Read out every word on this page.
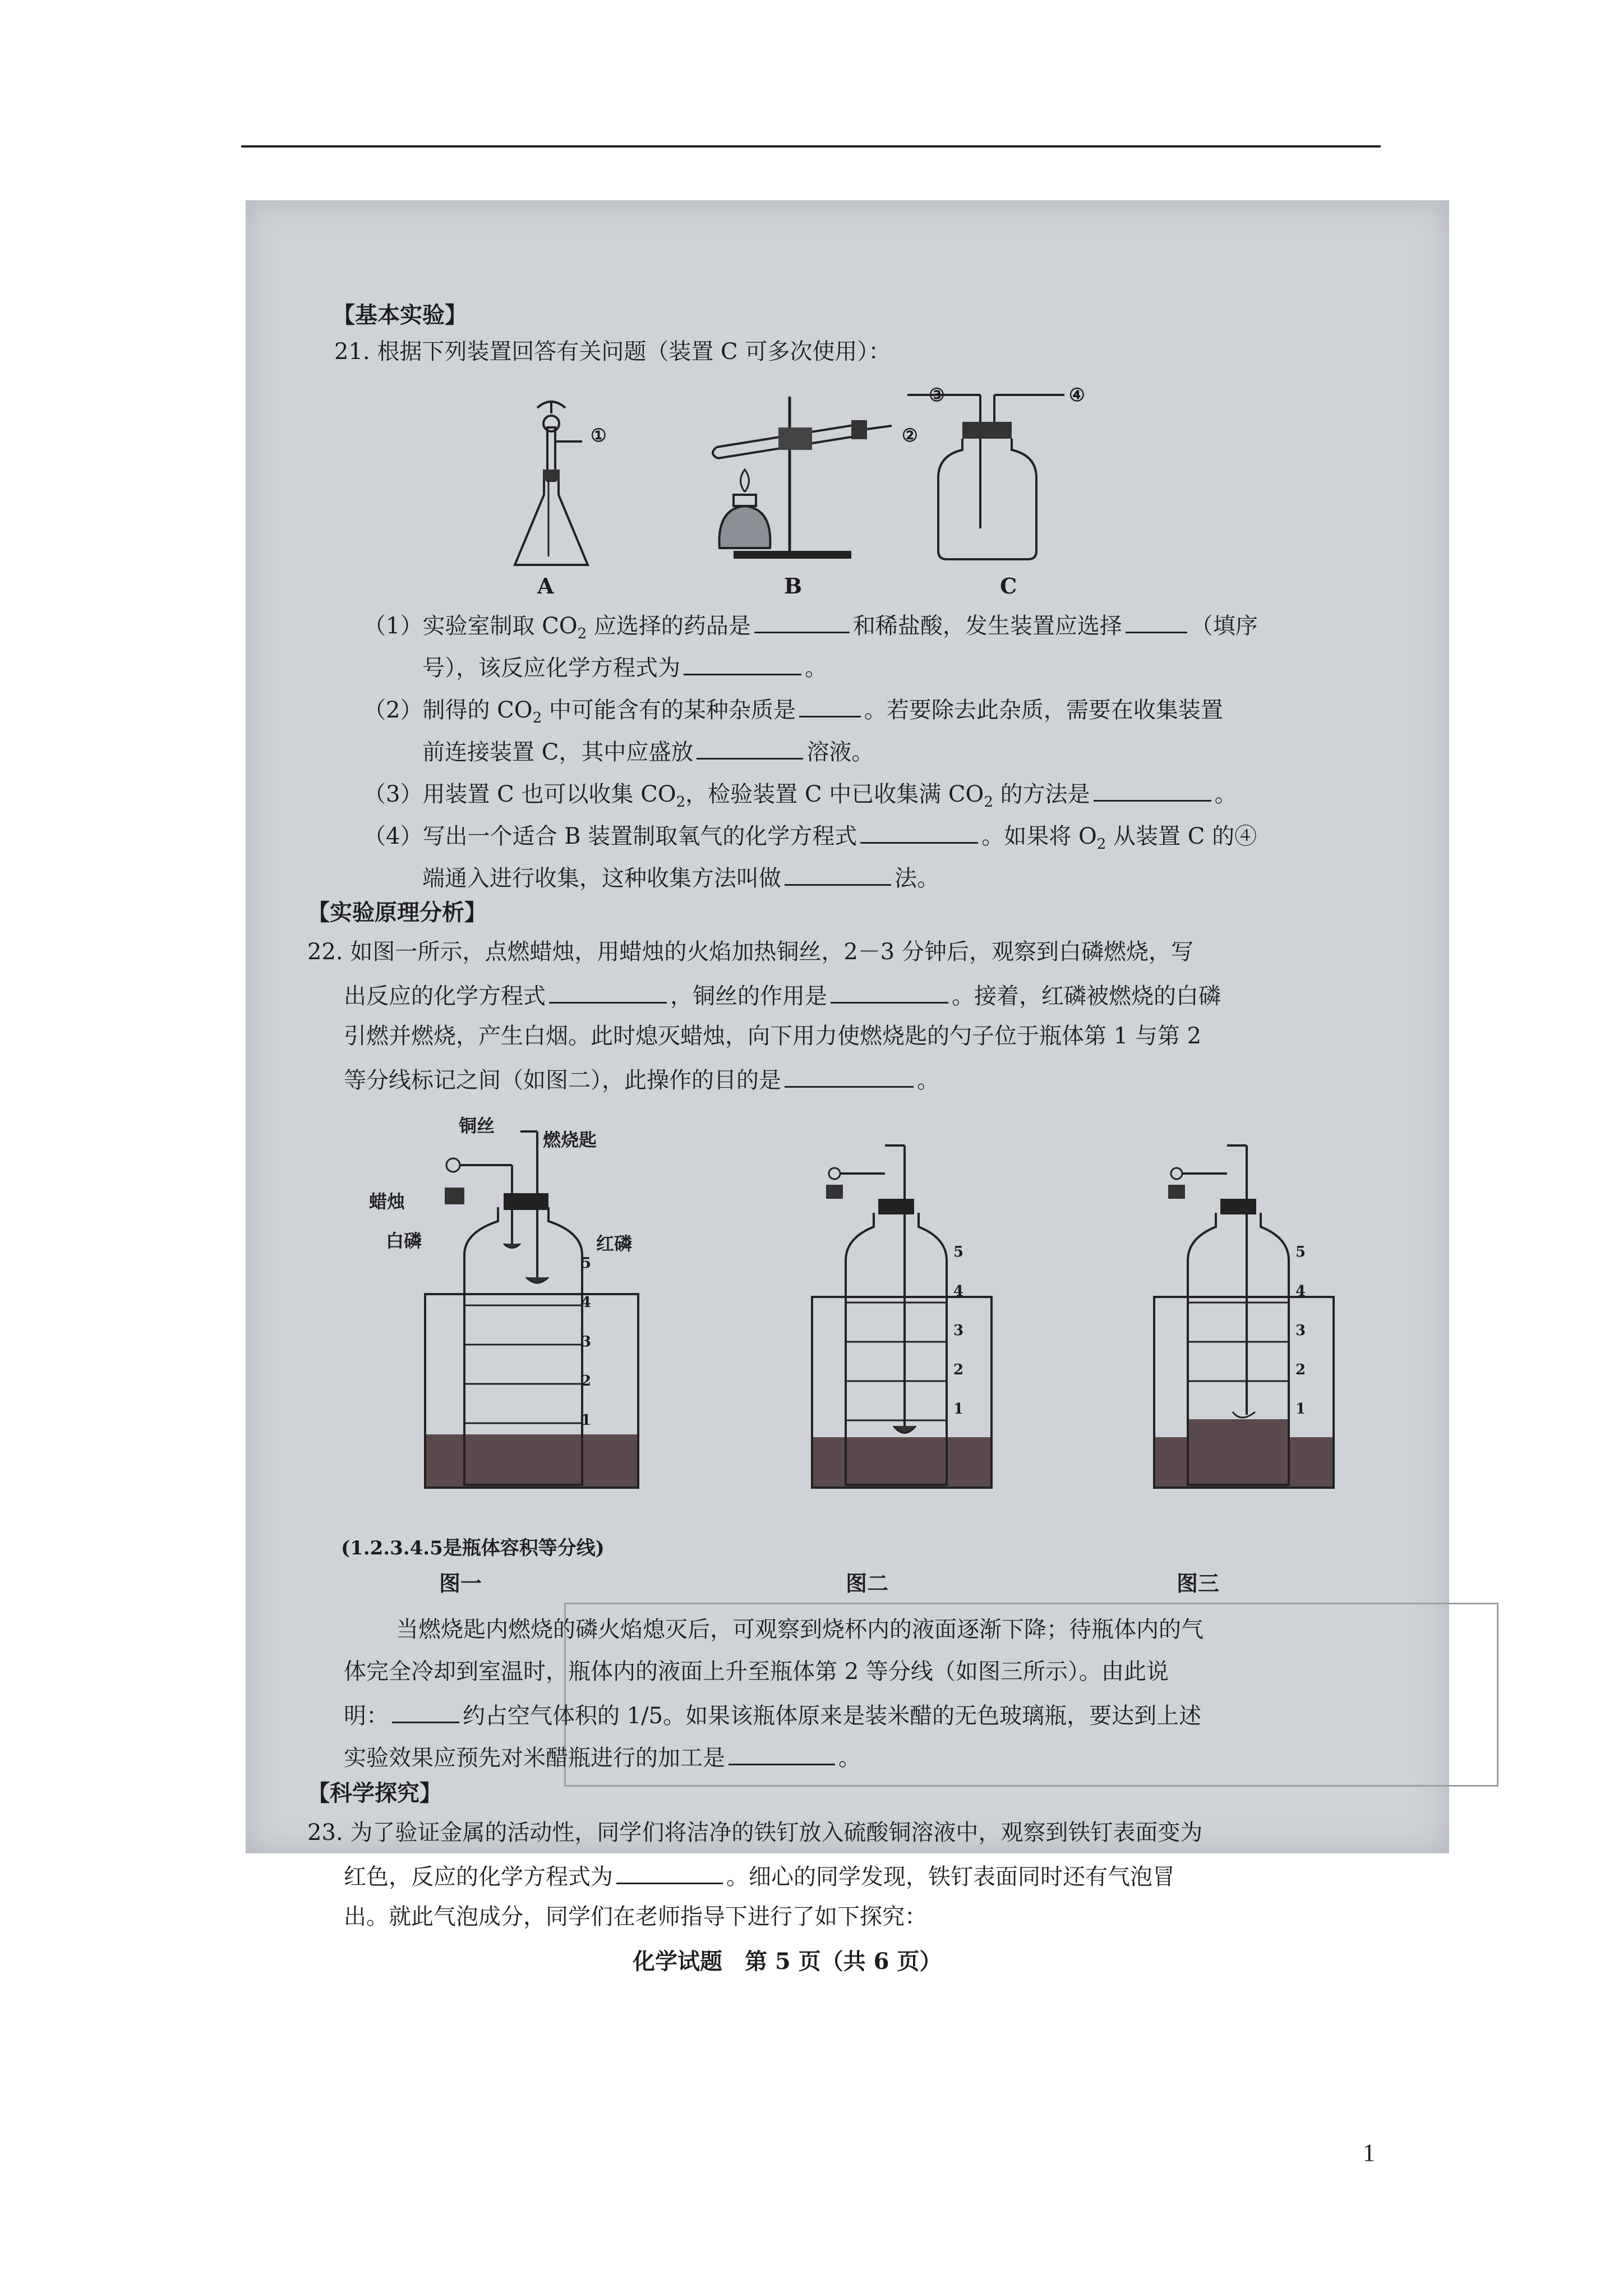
【基本实验】
21. 根据下列装置回答有关问题（装置 C 可多次使用）：
①
A
②
B
③	④
C
（1）实验室制取 $CO_2$ 应选择的药品是	和稀盐酸，发生装置应选择	（填序
号），该反应化学方程式为	。
（2）制得的 $CO_2$ 中可能含有的某种杂质是	。若要除去此杂质，需要在收集装置
前连接装置 C，其中应盛放	溶液。
（3）用装置 C 也可以收集 $CO_2$，检验装置 C 中已收集满 $CO_2$ 的方法是	。
（4）写出一个适合 B 装置制取氧气的化学方程式	。如果将 $O_2$ 从装置 C 的④
端通入进行收集，这种收集方法叫做	法。
【实验原理分析】
22. 如图一所示，点燃蜡烛，用蜡烛的火焰加热铜丝，2－3 分钟后，观察到白磷燃烧，写
出反应的化学方程式	，铜丝的作用是	。接着，红磷被燃烧的白磷
引燃并燃烧，产生白烟。此时熄灭蜡烛，向下用力使燃烧匙的勺子位于瓶体第 1 与第 2
等分线标记之间（如图二），此操作的目的是	。
铜丝
燃烧匙
蜡烛
白磷	红磷
5
4
3
2
1
(1.2.3.4.5是瓶体容积等分线)
图一
5
4
3
2
1
图二
5
4
3
2
1
图三
当燃烧匙内燃烧的磷火焰熄灭后，可观察到烧杯内的液面逐渐下降；待瓶体内的气
体完全冷却到室温时，瓶体内的液面上升至瓶体第 2 等分线（如图三所示）。由此说
明：	约占空气体积的 1/5。如果该瓶体原来是装米醋的无色玻璃瓶，要达到上述
实验效果应预先对米醋瓶进行的加工是	。
【科学探究】
23. 为了验证金属的活动性，同学们将洁净的铁钉放入硫酸铜溶液中，观察到铁钉表面变为
红色，反应的化学方程式为	。细心的同学发现，铁钉表面同时还有气泡冒
出。就此气泡成分，同学们在老师指导下进行了如下探究：
化学试题　第 5 页（共 6 页）
1
